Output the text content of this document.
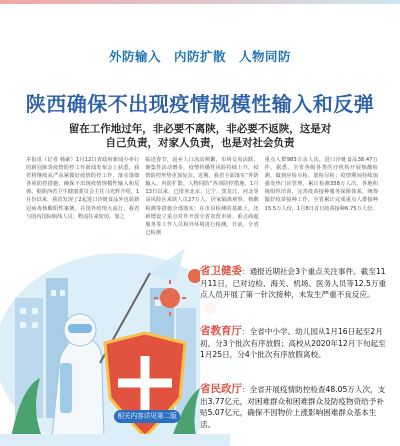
外防输入　内防扩散　人物同防
陕西确保不出现疫情规模性输入和反弹
留在工作地过年，非必要不离陕，非必要不返陕，这是对
自己负责，对家人负责，也是对社会负责
本报讯（记者 韩豪）1月12日省政府新闻办举行的新冠肺炎疫情防控工作新闻发布会上获悉，我省将继续从严从紧做好疫情防控工作，落实落细各项防控措施，确保不出现疫情规模性输入和反弹。据陕西省卫生健康委员会主任马光辉介绍，1月份以来，我省发现了2起进口冷链食品外包装新冠病毒核酸阳性案例。在国外疫情大流行，我省与国内国际航线人员、物流往来密切，加之
临近春节，返乡人口流动频繁，市场交易活跃，聚集性活动增多，疫情传播性风险持续上升，疫情防控形势更加复杂。近期，我省全面落实“外防输入、内防扩散、人物同防”各项防控措施。1月13日以来，已排查北京、辽宁、黑龙江、河北等高风险区来陕人员27万人，居家隔离观察、核酸检测等措施全部落实；在市县检测的基础上，还新增设立重点对外开放全省农贸市场、重点商超服务等工作人员和外环境进行检测。日前，全省已检测
重点人群983万余人次，进口冷链食品38.47万件。据悉，全省各级各类医疗机构开展核酸检测，做到应检尽检、愿检尽检；疫情期间持续加强发热门诊管理，累计检测358万人次。各地积极组织培训，完善疫苗接种服务保障体系，统筹做好疫苗接种工作，全省累计完成重点人群接种15.5万人份，1月8日首日疫苗接种6.75万人份。
省卫健委：通报近期社会3个重点关注事件。截至11月11日，已对边检、海关、机场、医务人员等12.5万重点人员开展了第一针次接种，未发生严重不良反应。
省教育厅：全省中小学、幼儿园从1月16日起至2月初，分3个批次有序放假；高校从2020年12月下旬起至1月25日，分4个批次有序放假离校。
省民政厅：全省开展疫情防控检查48.05万人次，支出3.77亿元，对困难群众和困难群众及防疫物资给予补贴5.07亿元，确保不因物价上涨影响困难群众基本生活。
相关内容详见第二版
